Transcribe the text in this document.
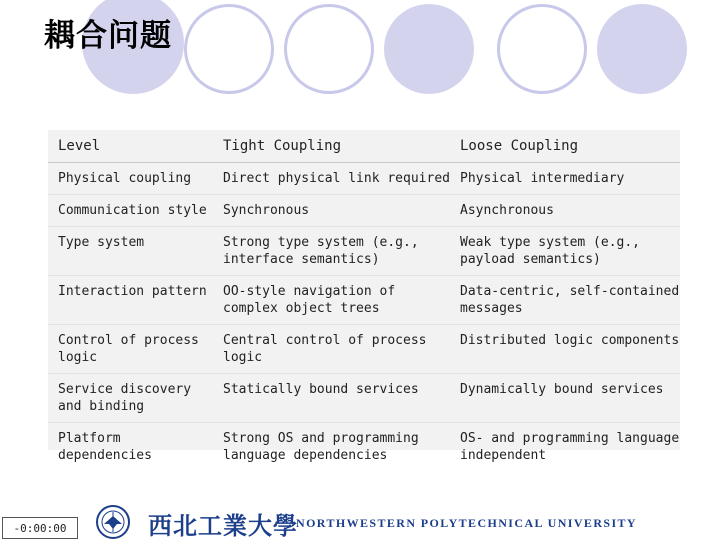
耦合问题
Level	Tight Coupling	Loose Coupling
Physical coupling	Direct physical link required	Physical intermediary
Communication style	Synchronous	Asynchronous
Type system	Strong type system (e.g., interface semantics)	Weak type system (e.g., payload semantics)
Interaction pattern	OO-style navigation of complex object trees	Data-centric, self-contained messages
Control of process logic	Central control of process logic	Distributed logic components
Service discovery and binding	Statically bound services	Dynamically bound services
Platform dependencies	Strong OS and programming language dependencies	OS- and programming language independent
-0:00:00	西北工業大學
NORTHWESTERN POLYTECHNICAL UNIVERSITY
